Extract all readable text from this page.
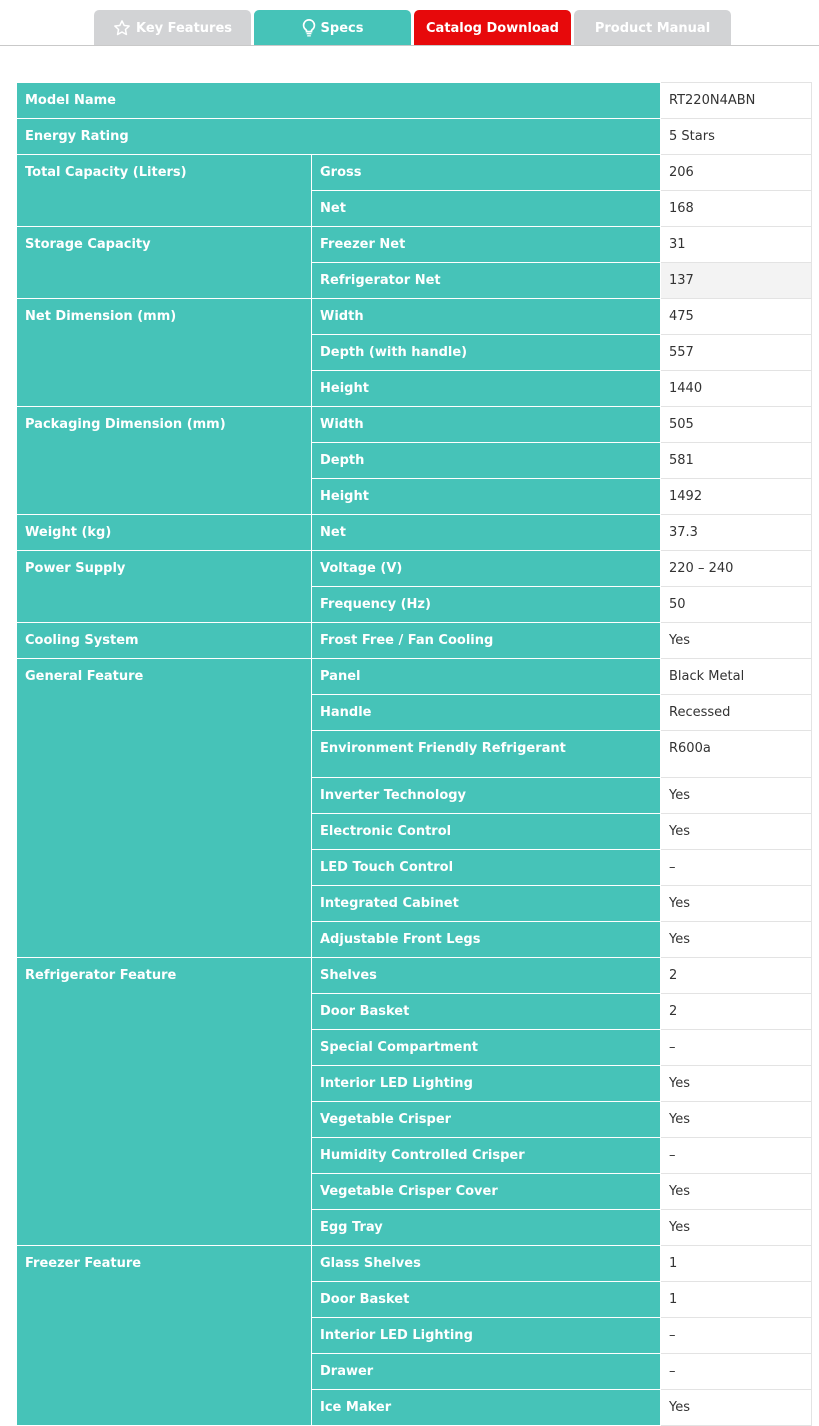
Key Features	Specs	Catalog Download	Product Manual
Model Name		RT220N4ABN
Energy Rating		5 Stars
Total Capacity (Liters)	Gross	206
	Net	168
Storage Capacity	Freezer Net	31
	Refrigerator Net	137
Net Dimension (mm)	Width	475
	Depth (with handle)	557
	Height	1440
Packaging Dimension (mm)	Width	505
	Depth	581
	Height	1492
Weight (kg)	Net	37.3
Power Supply	Voltage (V)	220 – 240
	Frequency (Hz)	50
Cooling System	Frost Free / Fan Cooling	Yes
General Feature	Panel	Black Metal
	Handle	Recessed
	Environment Friendly Refrigerant	R600a
	Inverter Technology	Yes
	Electronic Control	Yes
	LED Touch Control	–
	Integrated Cabinet	Yes
	Adjustable Front Legs	Yes
Refrigerator Feature	Shelves	2
	Door Basket	2
	Special Compartment	–
	Interior LED Lighting	Yes
	Vegetable Crisper	Yes
	Humidity Controlled Crisper	–
	Vegetable Crisper Cover	Yes
	Egg Tray	Yes
Freezer Feature	Glass Shelves	1
	Door Basket	1
	Interior LED Lighting	–
	Drawer	–
	Ice Maker	Yes
